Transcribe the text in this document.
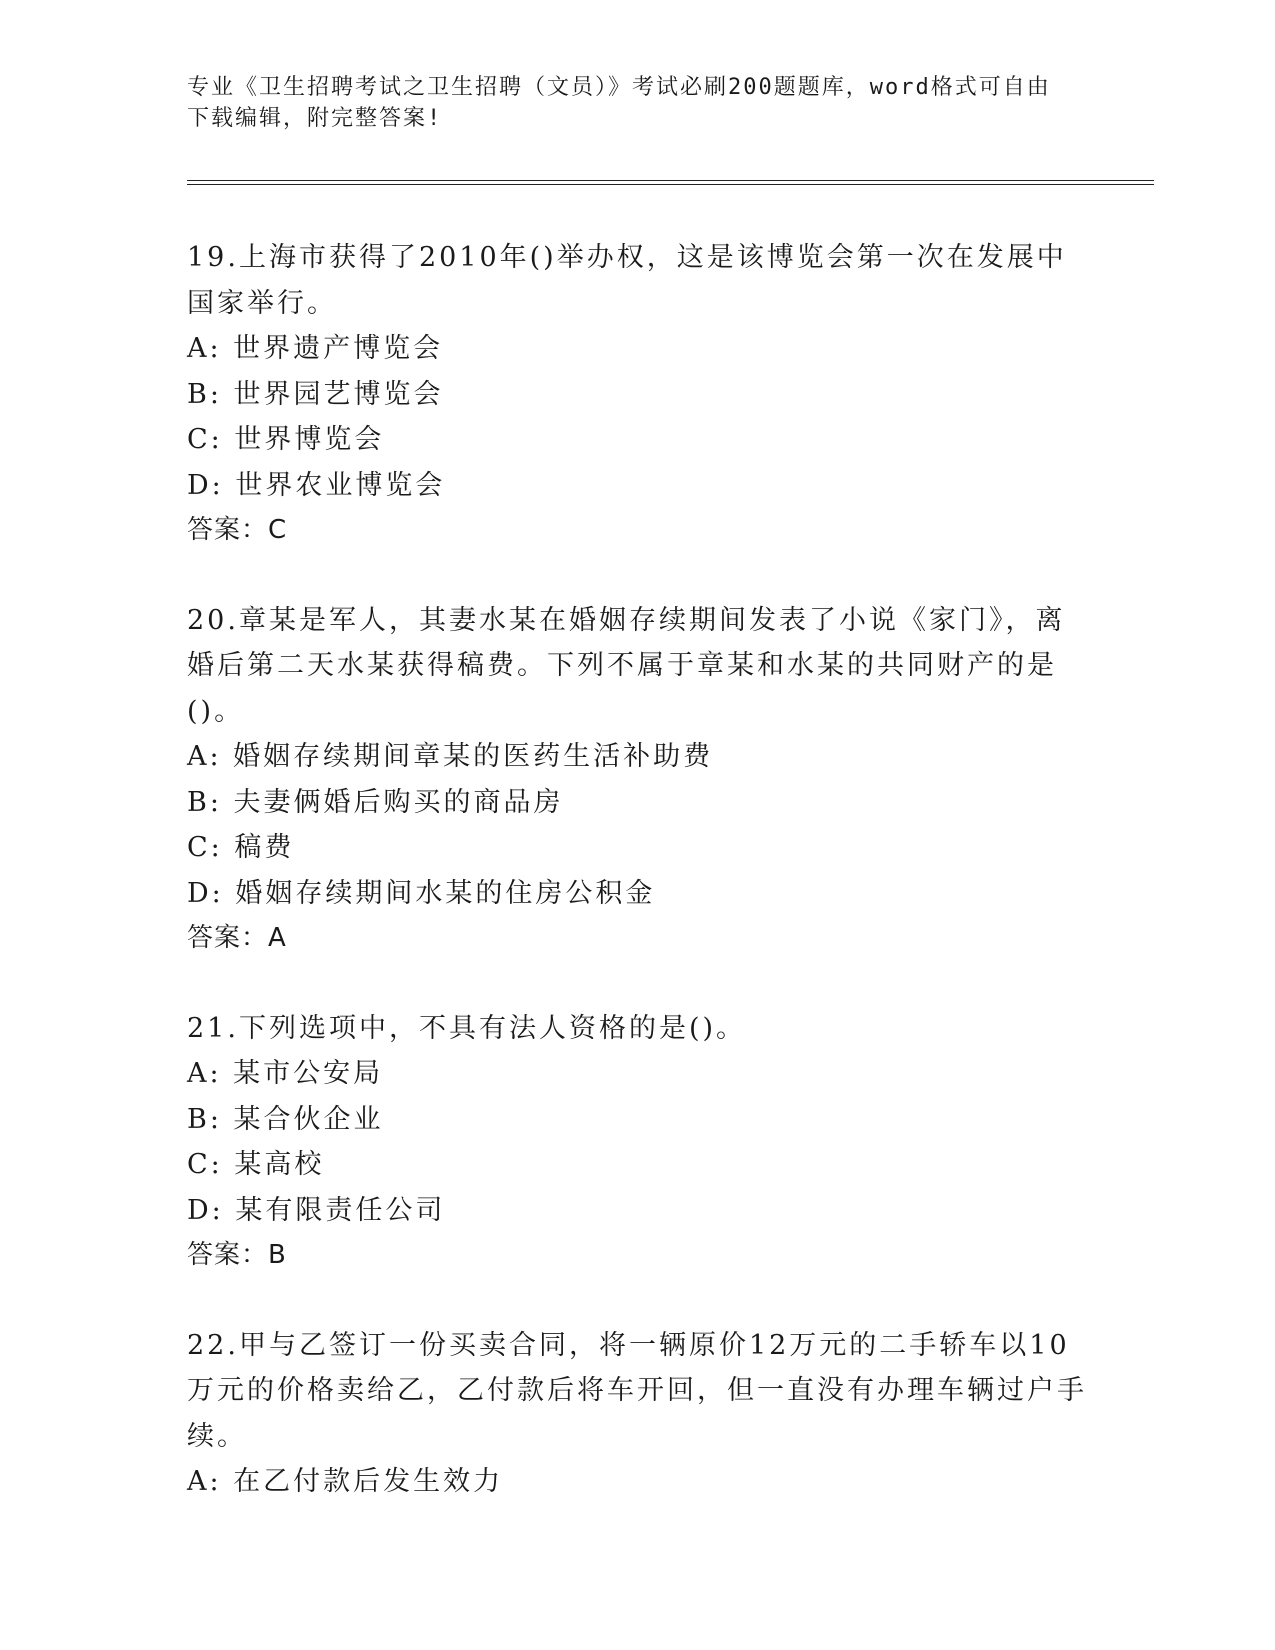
专业《卫生招聘考试之卫生招聘（文员）》考试必刷200题题库，word格式可自由下载编辑，附完整答案!

19.上海市获得了2010年()举办权，这是该博览会第一次在发展中国家举行。

A: 世界遗产博览会

B: 世界园艺博览会

C: 世界博览会

D: 世界农业博览会

答案：C

20.章某是军人，其妻水某在婚姻存续期间发表了小说《家门》，离婚后第二天水某获得稿费。下列不属于章某和水某的共同财产的是()。

A: 婚姻存续期间章某的医药生活补助费

B: 夫妻俩婚后购买的商品房

C: 稿费

D: 婚姻存续期间水某的住房公积金

答案：A

21.下列选项中，不具有法人资格的是()。

A: 某市公安局

B: 某合伙企业

C: 某高校

D: 某有限责任公司

答案：B

22.甲与乙签订一份买卖合同，将一辆原价12万元的二手轿车以10万元的价格卖给乙，乙付款后将车开回，但一直没有办理车辆过户手续。

A: 在乙付款后发生效力
